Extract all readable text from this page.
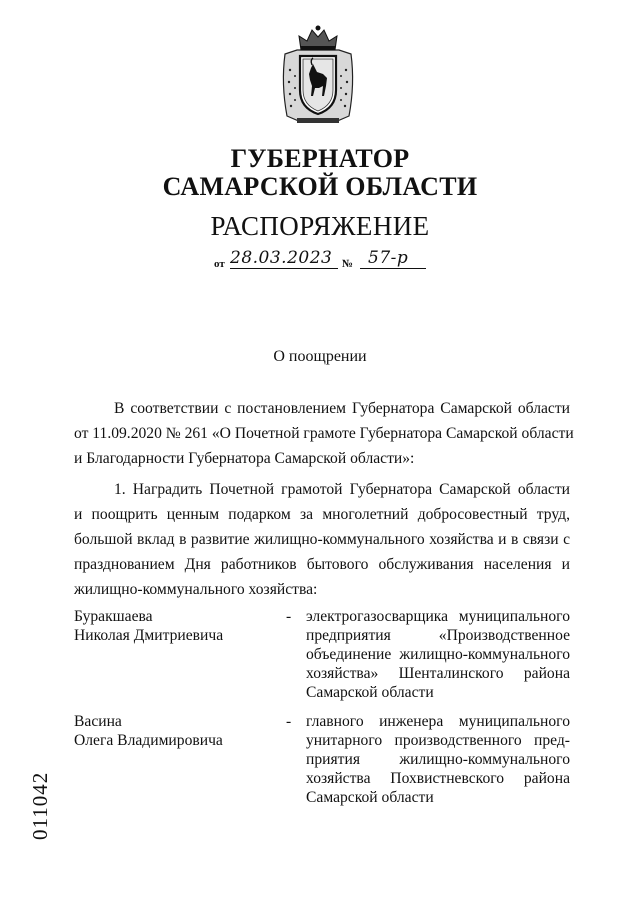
ГУБЕРНАТОР
САМАРСКОЙ ОБЛАСТИ
РАСПОРЯЖЕНИЕ
от 28.03.2023 № 57-р
О поощрении
В соответствии с постановлением Губернатора Самарской области
от 11.09.2020 № 261 «О Почетной грамоте Губернатора Самарской области
и Благодарности Губернатора Самарской области»:
1. Наградить Почетной грамотой Губернатора Самарской области
и поощрить ценным подарком за многолетний добросовестный труд,
большой вклад в развитие жилищно-коммунального хозяйства и в связи с
празднованием Дня работников бытового обслуживания населения и
жилищно-коммунального хозяйства:
Буракшаева
Николая Дмитриевича
- электрогазосварщика муниципального
предприятия «Производственное
объединение жилищно-коммунального
хозяйства» Шенталинского района
Самарской области
Васина
Олега Владимировича
- главного инженера муниципального
унитарного производственного пред-
приятия жилищно-коммунального
хозяйства Похвистневского района
Самарской области
011042
